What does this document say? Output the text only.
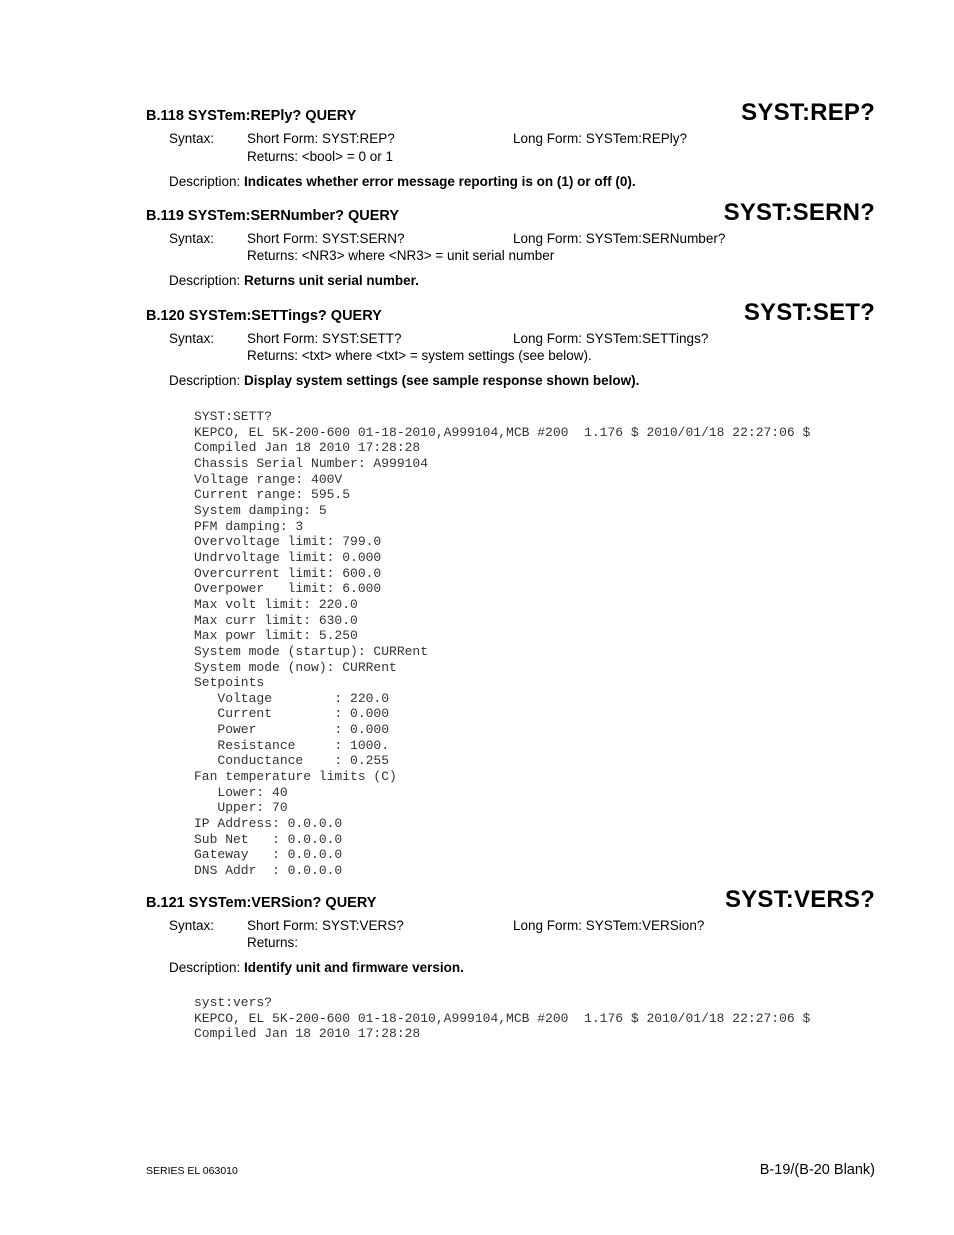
B.118 SYSTem:REPly? QUERY	SYST:REP?
Syntax: Short Form: SYST:REP?	Long Form: SYSTem:REPly?
Returns: <bool> = 0 or 1
Description: Indicates whether error message reporting is on (1) or off (0).
B.119 SYSTem:SERNumber? QUERY	SYST:SERN?
Syntax: Short Form: SYST:SERN?	Long Form: SYSTem:SERNumber?
Returns: <NR3> where <NR3> = unit serial number
Description: Returns unit serial number.
B.120 SYSTem:SETTings? QUERY	SYST:SET?
Syntax: Short Form: SYST:SETT?	Long Form: SYSTem:SETTings?
Returns: <txt> where <txt> = system settings (see below).
Description: Display system settings (see sample response shown below).
SYST:SETT?
KEPCO, EL 5K-200-600 01-18-2010,A999104,MCB #200  1.176 $ 2010/01/18 22:27:06 $
Compiled Jan 18 2010 17:28:28
Chassis Serial Number: A999104
Voltage range: 400V
Current range: 595.5
System damping: 5
PFM damping: 3
Overvoltage limit: 799.0
Undrvoltage limit: 0.000
Overcurrent limit: 600.0
Overpower   limit: 6.000
Max volt limit: 220.0
Max curr limit: 630.0
Max powr limit: 5.250
System mode (startup): CURRent
System mode (now): CURRent
Setpoints
Voltage        : 220.0
Current        : 0.000
Power          : 0.000
Resistance     : 1000.
Conductance    : 0.255
Fan temperature limits (C)
Lower: 40
Upper: 70
IP Address: 0.0.0.0
Sub Net   : 0.0.0.0
Gateway   : 0.0.0.0
DNS Addr  : 0.0.0.0
B.121 SYSTem:VERSion? QUERY	SYST:VERS?
Syntax: Short Form: SYST:VERS?	Long Form: SYSTem:VERSion?
Returns:
Description: Identify unit and firmware version.
syst:vers?
KEPCO, EL 5K-200-600 01-18-2010,A999104,MCB #200  1.176 $ 2010/01/18 22:27:06 $
Compiled Jan 18 2010 17:28:28
SERIES EL 063010	B-19/(B-20 Blank)
